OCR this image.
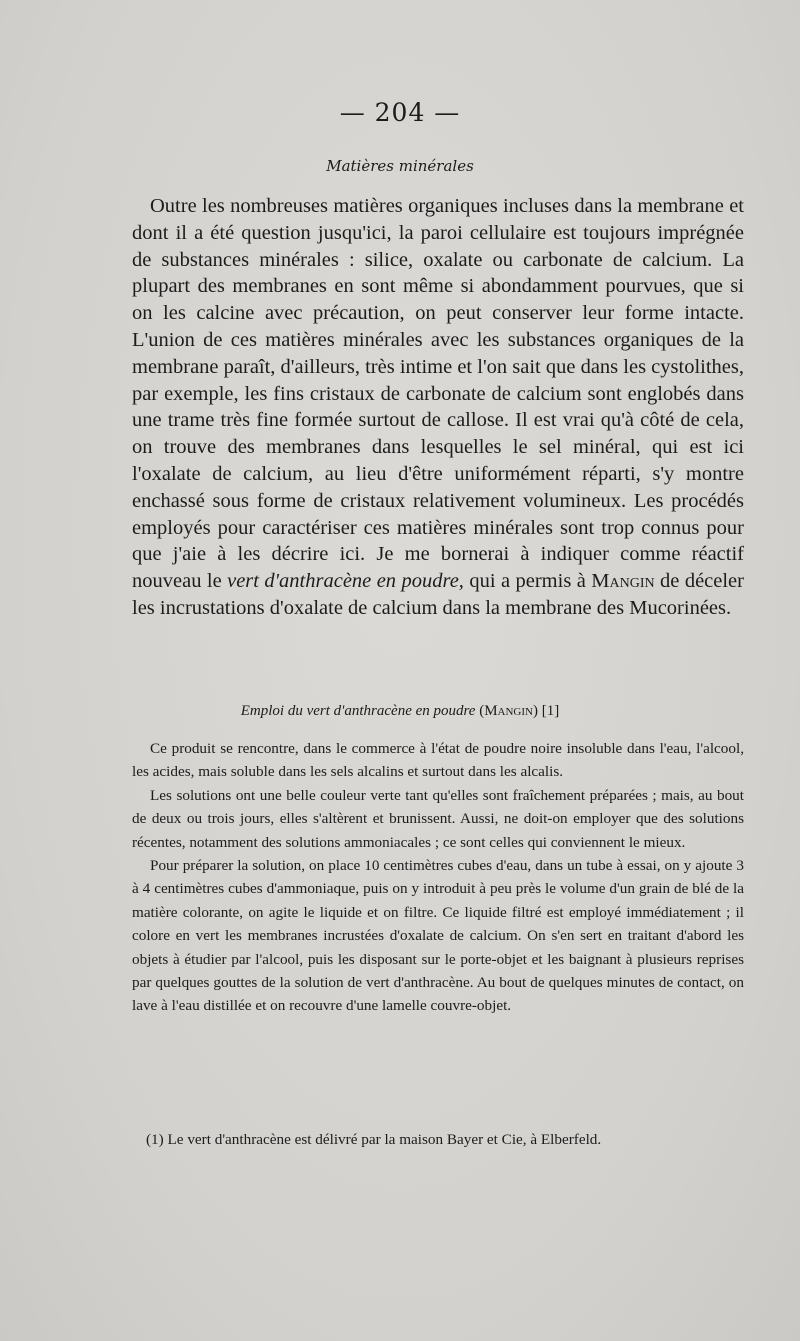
— 204 —
Matières minérales
Outre les nombreuses matières organiques incluses dans la membrane et dont il a été question jusqu'ici, la paroi cellulaire est toujours imprégnée de substances minérales : silice, oxalate ou carbonate de calcium. La plupart des membranes en sont même si abondamment pourvues, que si on les calcine avec précaution, on peut conserver leur forme intacte. L'union de ces matières minérales avec les substances organiques de la membrane paraît, d'ailleurs, très intime et l'on sait que dans les cystolithes, par exemple, les fins cristaux de carbonate de calcium sont englobés dans une trame très fine formée surtout de callose. Il est vrai qu'à côté de cela, on trouve des membranes dans lesquelles le sel minéral, qui est ici l'oxalate de calcium, au lieu d'être uniformément réparti, s'y montre enchassé sous forme de cristaux relativement volumineux. Les procédés employés pour caractériser ces matières minérales sont trop connus pour que j'aie à les décrire ici. Je me bornerai à indiquer comme réactif nouveau le vert d'anthracène en poudre, qui a permis à Mangin de déceler les incrustations d'oxalate de calcium dans la membrane des Mucorinées.
Emploi du vert d'anthracène en poudre (Mangin) [1]

Ce produit se rencontre, dans le commerce à l'état de poudre noire insoluble dans l'eau, l'alcool, les acides, mais soluble dans les sels alcalins et surtout dans les alcalis.

Les solutions ont une belle couleur verte tant qu'elles sont fraîchement préparées ; mais, au bout de deux ou trois jours, elles s'altèrent et brunissent. Aussi, ne doit-on employer que des solutions récentes, notamment des solutions ammoniacales ; ce sont celles qui conviennent le mieux.

Pour préparer la solution, on place 10 centimètres cubes d'eau, dans un tube à essai, on y ajoute 3 à 4 centimètres cubes d'ammoniaque, puis on y introduit à peu près le volume d'un grain de blé de la matière colorante, on agite le liquide et on filtre. Ce liquide filtré est employé immédiatement ; il colore en vert les membranes incrustées d'oxalate de calcium. On s'en sert en traitant d'abord les objets à étudier par l'alcool, puis les disposant sur le porte-objet et les baignant à plusieurs reprises par quelques gouttes de la solution de vert d'anthracène. Au bout de quelques minutes de contact, on lave à l'eau distillée et on recouvre d'une lamelle couvre-objet.

(1) Le vert d'anthracène est délivré par la maison Bayer et Cie, à Elberfeld.
